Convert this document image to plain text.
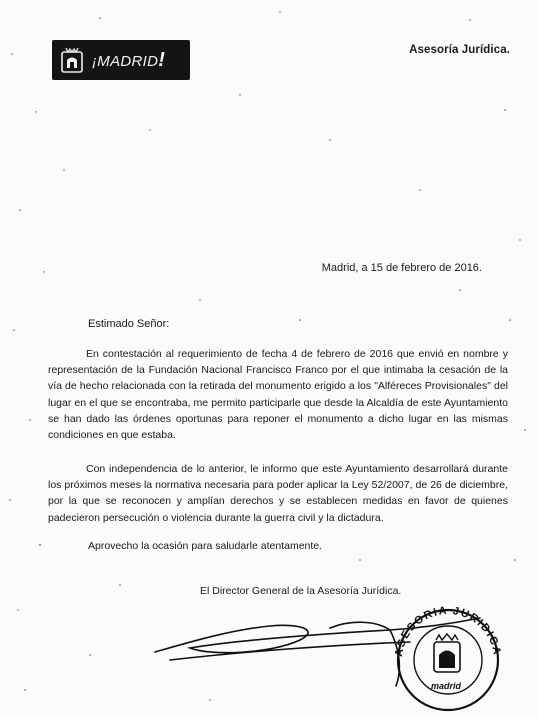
¡MADRID!	Asesoría Jurídica.
Madrid, a 15 de febrero de 2016.
Estimado Señor:
En contestación al requerimiento de fecha 4 de febrero de 2016 que envió en nombre y representación de la Fundación Nacional Francisco Franco por el que intimaba la cesación de la vía de hecho relacionada con la retirada del monumento erigido a los "Alféreces Provisionales" del lugar en el que se encontraba, me permito participarle que desde la Alcaldía de este Ayuntamiento se han dado las órdenes oportunas para reponer el monumento a dicho lugar en las mismas condiciones en que estaba.
Con independencia de lo anterior, le informo que este Ayuntamiento desarrollará durante los próximos meses la normativa necesaria para poder aplicar la Ley 52/2007, de 26 de diciembre, por la que se reconocen y amplían derechos y se establecen medidas en favor de quienes padecieron persecución o violencia durante la guerra civil y la dictadura.
Aprovecho la ocasión para saludarle atentamente.
El Director General de la Asesoría Jurídica.
ASESORIA JURIDICA
madrid
